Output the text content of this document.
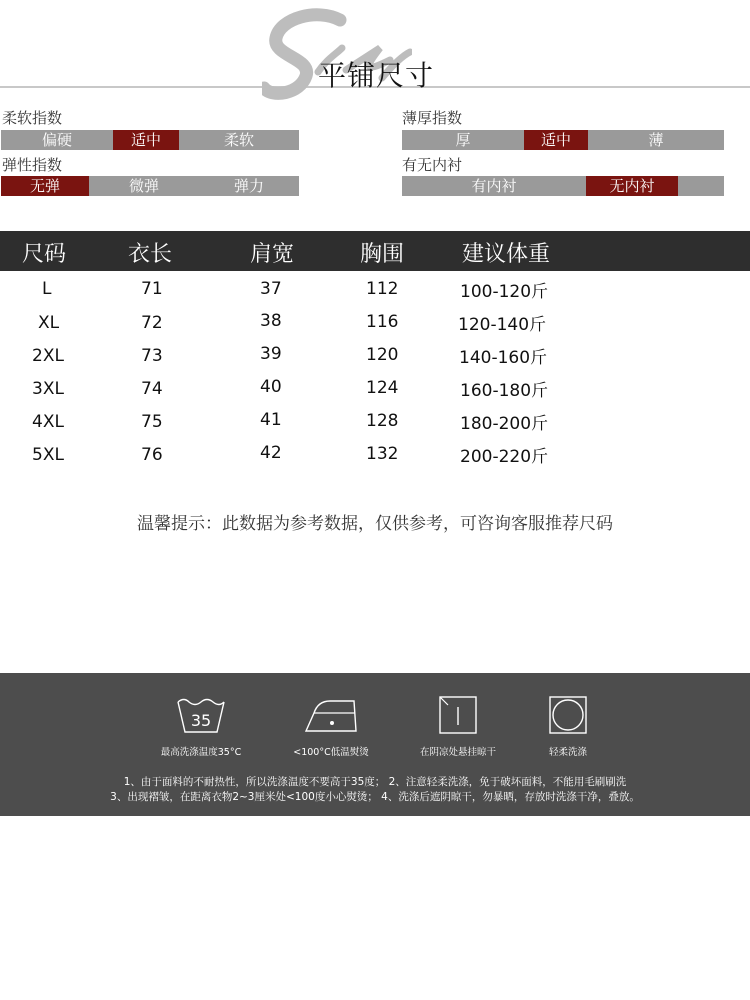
平铺尺寸
柔软指数
偏硬	适中	柔软
薄厚指数
厚	适中	薄
弹性指数
无弹	微弹	弹力
有无内衬
有内衬	无内衬
尺码	衣长	肩宽	胸围	建议体重
L	71	37	112	100-120斤
XL	72	38	116	120-140斤
2XL	73	39	120	140-160斤
3XL	74	40	124	160-180斤
4XL	75	41	128	180-200斤
5XL	76	42	132	200-220斤
温馨提示：此数据为参考数据，仅供参考，可咨询客服推荐尺码
35
最高洗涤温度35°C	<100°C低温熨烫	在阴凉处悬挂晾干	轻柔洗涤
1、由于面料的不耐热性，所以洗涤温度不要高于35度； 2、注意轻柔洗涤，免于破坏面料，不能用毛刷刷洗
3、出现褶皱，在距离衣物2~3厘米处<100度小心熨烫； 4、洗涤后遮阴晾干，勿暴晒，存放时洗涤干净，叠放。
